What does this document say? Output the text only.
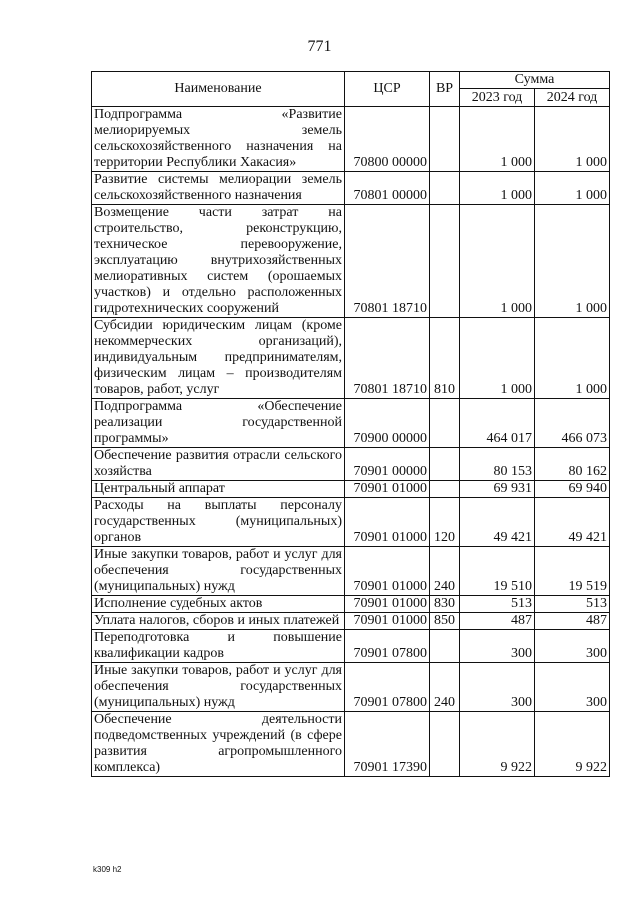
771
Наименование	ЦСР	ВР	Сумма	
			2023 год	2024 год
Подпрограмма «Развитие мелиорируемых земель сельскохозяйственного назначения на территории Республики Хакасия»	70800 00000		1 000	1 000
Развитие системы мелиорации земель сельскохозяйственного назначения	70801 00000		1 000	1 000
Возмещение части затрат на строительство, реконструкцию, техническое перевооружение, эксплуатацию внутрихозяйственных мелиоративных систем (орошаемых участков) и отдельно расположенных гидротехнических сооружений	70801 18710		1 000	1 000
Субсидии юридическим лицам (кроме некоммерческих организаций), индивидуальным предпринимателям, физическим лицам – производителям товаров, работ, услуг	70801 18710	810	1 000	1 000
Подпрограмма «Обеспечение реализации государственной программы»	70900 00000		464 017	466 073
Обеспечение развития отрасли сельского хозяйства	70901 00000		80 153	80 162
Центральный аппарат	70901 01000		69 931	69 940
Расходы на выплаты персоналу государственных (муниципальных) органов	70901 01000	120	49 421	49 421
Иные закупки товаров, работ и услуг для обеспечения государственных (муниципальных) нужд	70901 01000	240	19 510	19 519
Исполнение судебных актов	70901 01000	830	513	513
Уплата налогов, сборов и иных платежей	70901 01000	850	487	487
Переподготовка и повышение квалификации кадров	70901 07800		300	300
Иные закупки товаров, работ и услуг для обеспечения государственных (муниципальных) нужд	70901 07800	240	300	300
Обеспечение деятельности подведомственных учреждений (в сфере развития агропромышленного комплекса)	70901 17390		9 922	9 922
k309 h2
